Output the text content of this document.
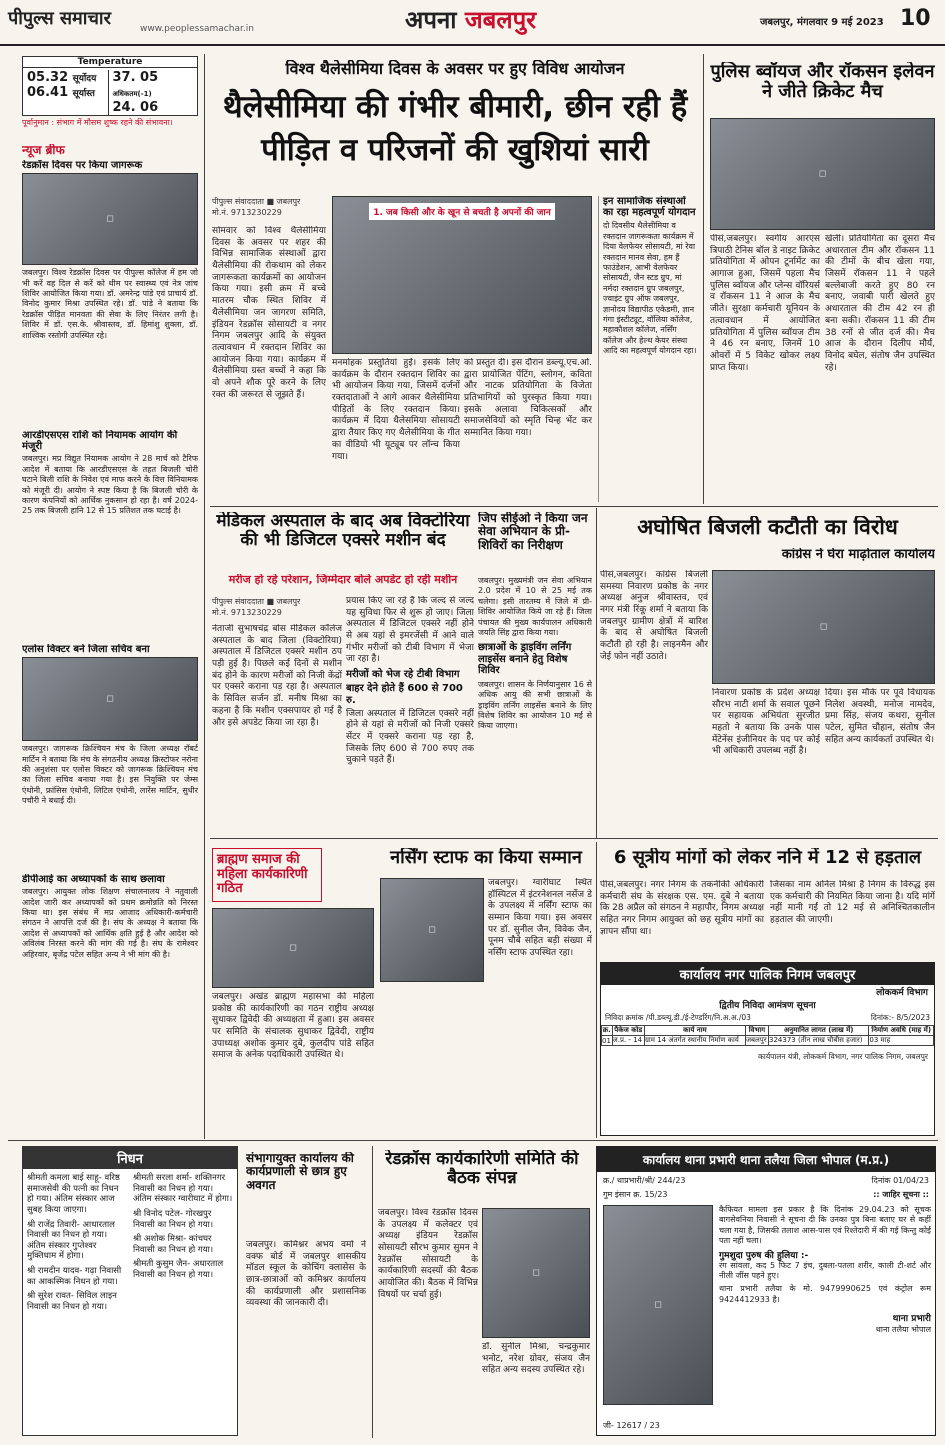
पीपुल्स समाचार	www.peoplessamachar.in	अपना जबलपुर	जबलपुर, मंगलवार 9 मई 2023 10
Temperature
05.32 सूर्योदय
06.41 सूर्यास्त
37. 05 अधिकतम(-1)
24. 06
पूर्वानुमान : संभाग में मौसम शुष्क रहने की संभावना।
न्यूज ब्रीफ
रेडक्रॉस दिवस पर किया जागरूक
◻
जबलपुर। विश्व रेडक्रॉस दिवस पर पीपुल्स कॉलेज में हम जो भी करें वह दिल से करें को थीम पर स्वास्थ्य एवं नेत्र जांच शिविर आयोजित किया गया। डॉ. अमरेन्द्र पांडे एवं प्राचार्य डॉ. विनोद कुमार मिश्रा उपस्थित रहे। डॉ. पांडे ने बताया कि रेडक्रॉस पीड़ित मानवता की सेवा के लिए निरंतर लगी है। शिविर में डॉ. एस.के. श्रीवास्तव, डॉ. हिमांशु शुक्ला, डॉ. शाश्विक रस्तोगी उपस्थित रहे।
आरडीएसएस राशि को नियामक आयोग की मंजूरी
जबलपुर। मप्र विद्युत नियामक आयोग ने 28 मार्च को टैरिफ आदेश में बताया कि आरडीएसएस के तहत बिजली चोरी घटाने बिली राशि के निवेश एवं माफ करने के वित्त विनियामक को मंजूरी दी। आयोग ने स्पष्ट किया है कि बिजली चोरी के कारण कंपनियों को आर्थिक नुकसान हो रहा है। वर्ष 2024-25 तक बिजली हानि 12 से 15 प्रतिशत तक घटाई है।
एलोस विक्टर बने जिला सचिव बना
◻
जबलपुर। जागरूक क्रिश्चियन मंच के जिला अध्यक्ष रॉबर्ट मार्टिन ने बताया कि मंच के संगठनीय अध्यक्ष क्रिस्टोफर नरोना की अनुशंसा पर एलोस विक्टर को जागरूक क्रिश्चियन मंच का जिला सचिव बनाया गया है। इस नियुक्ति पर जेम्स एंथोनी, फ्रांसिस एंथोनी, लिटिल एंथोनी, लारेंस मार्टिन, सुधीर पचौरी ने बधाई दी।
डीपीआई का अध्यापकों के साथ छलावा
जबलपुर। आयुक्त लोक शिक्षण संचालनालय ने नतुवाली आदेश जारी कर अध्यापकों को प्रथम क्रमोन्नति को निरस्त किया था। इस संबंध में मप्र आजाद अधिकारी-कर्मचारी संगठन ने आपत्ति दर्ज की है। संघ के अध्यक्ष ने बताया कि आदेश से अध्यापकों को आर्थिक क्षति हुई है और आदेश को अविलंब निरस्त करने की मांग की गई है। संघ के रामेश्वर अहिरवार, बृजेंद्र पटेल सहित अन्य ने भी मांग की है।
विश्व थैलेसीमिया दिवस के अवसर पर हुए विविध आयोजन
थैलेसीमिया की गंभीर बीमारी, छीन रही हैं पीड़ित व परिजनों की खुशियां सारी
पीपुल्स संवाददाता ■ जबलपुर
मो.नं. 9713230229
सोमवार को विश्व थैलेसीमिया दिवस के अवसर पर शहर की विभिन्न सामाजिक संस्थाओं द्वारा थैलेसीमिया की रोकथाम को लेकर जागरूकता कार्यक्रमों का आयोजन किया गया। इसी क्रम में बच्चे मातरम चौक स्थित शिविर में थैलेसीमिया जन जागरण समिति, इंडियन रेडक्रॉस सोसायटी व नगर निगम जबलपुर आदि के संयुक्त तत्वावधान में रक्तदान शिविर का आयोजन किया गया। कार्यक्रम में थैलेसीमिया ग्रस्त बच्चों ने कहा कि वो अपने शौक पूरे करने के लिए रक्त की जरूरत से जूझते हैं।
1. जब किसी और के खून से बचती है अपनों की जान
मनमोहक प्रस्तुतियां हुईं। इसके लिए कार्यक्रम के दौरान रक्तदान शिविर का भी आयोजन किया गया, जिसमें दर्जनों रक्तदाताओं ने आगे आकर थैलेसीमिया पीड़ितों के लिए रक्तदान किया। कार्यक्रम में दिया थैलेसमिया सोसायटी द्वारा तैयार किए गए थैलेसीमिया के गीत का वीडियो भी यूट्यूब पर लॉन्च किया गया।
को प्रस्तुत दी। इस दौरान डब्ल्यू.एच.ओ. द्वारा प्रायोजित पेंटिंग, स्लोगन, कविता और नाटक प्रतियोगिता के विजेता प्रतिभागियों को पुरस्कृत किया गया। इसके अलावा चिकित्सकों और समाजसेवियों को स्मृति चिन्ह भेंट कर सम्मानित किया गया।
इन सामाजिक संस्थाओं का रहा महत्वपूर्ण योगदान
दो दिवसीय थैलेसीमिया व रक्तदान जागरूकता कार्यक्रम में दिया वेलफेयर सोसायटी, मां रेवा रक्तदान मानव सेवा, हम हैं फाउंडेशन, आभी वेलफेयर सोसायटी, जैन स्टड ग्रुप, मां नर्मदा रक्तदान ग्रुप जबलपुर, ज्वाइंट ग्रुप ऑफ जबलपुर, ज्ञानोदय विद्यापीठ एकेडमी, ज्ञान गंगा इंस्टीट्यूट, वॉलिया कॉलेज, महाकौशल कॉलेज, नर्सिंग कॉलेज और हेल्थ केयर संस्था आदि का महत्वपूर्ण योगदान रहा।
पुलिस ब्वॉयज और रॉकसन इलेवन ने जीते क्रिकेट मैच
◻
पीसं,जबलपुर। स्वर्गीय आरएस त्रिपाठी टेनिस बॉल डे नाइट क्रिकेट प्रतियोगिता में ओपन टूर्नामेंट का आगाज हुआ, जिसमें पहला मैच पुलिस ब्वॉयज और प्लेन्स वॉरियर्स व रॉकसन 11 ने आज के मैच जीते। सुरक्षा कर्मचारी यूनियन के तत्वावधान में आयोजित प्रतियोगिता में पुलिस ब्वॉयज टीम ने 46 रन बनाए, जिनमें 10 ओवरों में 5 विकेट खोकर लक्ष्य प्राप्त किया।
खेली। प्रतियोगिता का दूसरा मैच अधारताल टीम और रॉकसन 11 की टीमों के बीच खेला गया, जिसमें रॉकसन 11 ने पहले बल्लेबाजी करते हुए 80 रन बनाए, जवाबी पारी खेलते हुए अधारताल की टीम 42 रन ही बना सकी। रॉकसन 11 की टीम 38 रनों से जीत दर्ज की। मैच आज के दौरान दिलीप मौर्य, विनोद बघेल, संतोष जैन उपस्थित रहे।
मेडिकल अस्पताल के बाद अब विक्टोरिया की भी डिजिटल एक्सरे मशीन बंद
मरीज हो रहे परेशान, जिम्मेदार बोले अपडेट हो रही मशीन
पीपुल्स संवाददाता ■ जबलपुर
मो.नं. 9713230229
नेताजी सुभाषचंद्र बोस मेडिकल कॉलेज अस्पताल के बाद जिला (विक्टोरिया) अस्पताल में डिजिटल एक्सरे मशीन ठप पड़ी हुई है। पिछले कई दिनों से मशीन बंद होने के कारण मरीजों को निजी केंद्रों पर एक्सरे कराना पड़ रहा है। अस्पताल के सिविल सर्जन डॉ. मनीष मिश्रा का कहना है कि मशीन एक्सपायर हो गई है और इसे अपडेट किया जा रहा है।
प्रयास किए जा रहे हैं कि जल्द से जल्द यह सुविधा फिर से शुरू हो जाए। जिला अस्पताल में डिजिटल एक्सरे नहीं होने से अब यहां से इमरजेंसी में आने वाले गंभीर मरीजों को टीबी विभाग में भेजा जा रहा है।
मरीजों को भेज रहे टीबी विभाग
बाहर देने होते हैं 600 से 700 रु.
जिला अस्पताल में डिजिटल एक्सरे नहीं होने से यहां से मरीजों को निजी एक्सरे सेंटर में एक्सरे कराना पड़ रहा है, जिसके लिए 600 से 700 रुपए तक चुकाने पड़ते हैं।
जिप सीईओ ने किया जन सेवा अभियान के प्री-शिविरों का निरीक्षण
जबलपुर। मुख्यमंत्री जन सेवा अभियान 2.0 प्रदेश में 10 से 25 मई तक चलेगा। इसी तारतम्य में जिले में प्री-शिविर आयोजित किये जा रहे हैं। जिला पंचायत की मुख्य कार्यपालन अधिकारी जयति सिंह द्वारा किया गया।
छात्राओं के ड्राइविंग लर्निंग लाइसेंस बनाने हेतु विशेष शिविर
जबलपुर। शासन के निर्णयानुसार 16 से अधिक आयु की सभी छात्राओं के ड्राइविंग लर्निंग लाइसेंस बनाने के लिए विशेष शिविर का आयोजन 10 मई से किया जाएगा।
अघोषित बिजली कटौती का विरोध
कांग्रेस ने घेरा माढ़ोताल कार्यालय
पीसं,जबलपुर। कांग्रेस बिजली समस्या निवारण प्रकोष्ठ के नगर अध्यक्ष अनुज श्रीवास्तव, एवं नगर मंत्री रिंकू शर्मा ने बताया कि जबलपुर ग्रामीण क्षेत्रों में बारिश के बाद से अघोषित बिजली कटौती हो रही है। लाइनमैन और जेई फोन नहीं उठाते।
◻
निवारण प्रकोष्ठ के प्रदेश अध्यक्ष सौरभ नाटी शर्मा के सवाल पूछने पर सहायक अभियंता सुरजीत महतो ने बताया कि उनके पास मेंटेनेंस इंजीनियर के पद पर कोई भी अधिकारी उपलब्ध नहीं है।
दिया। इस मौके पर पूर्व विधायक निलेश अवस्थी, मनोज नामदेव, प्रमा सिंह, संजय कथरा, सुनील पटेल, सुमित चौहान, संतोष जैन सहित अन्य कार्यकर्ता उपस्थित थे।
ब्राह्मण समाज की महिला कार्यकारिणी गठित
◻
जबलपुर। अखंड ब्राह्मण महासभा की महिला प्रकोष्ठ की कार्यकारिणी का गठन राष्ट्रीय अध्यक्ष सुधाकर द्विवेदी की अध्यक्षता में हुआ। इस अवसर पर समिति के संचालक सुधाकर द्विवेदी, राष्ट्रीय उपाध्यक्ष अशोक कुमार दुबे, कुलदीप पांडे सहित समाज के अनेक पदाधिकारी उपस्थित थे।
नर्सिंग स्टाफ का किया सम्मान
◻
जबलपुर। ग्वारीघाट स्थित हॉस्पिटल में इंटरनेशनल नर्सेज डे के उपलक्ष्य में नर्सिंग स्टाफ का सम्मान किया गया। इस अवसर पर डॉ. सुनील जैन, विवेक जैन, पूनम चौबे सहित बड़ी संख्या में नर्सिंग स्टाफ उपस्थित रहा।
6 सूत्रीय मांगों को लेकर ननि में 12 से हड़ताल
पीसं,जबलपुर। नगर निगम के तकनीकी अधिकारी कर्मचारी संघ के संरक्षक एस. एम. दुबे ने बताया कि 28 अप्रैल को संगठन ने महापौर, निगम अध्यक्ष सहित नगर निगम आयुक्त को छह सूत्रीय मांगों का ज्ञापन सौंपा था।
जिसका नाम अनिल मिश्रा है निगम के विरुद्ध इस एक कर्मचारी की नियमित किया जाना है। यदि मांगें नहीं मानी गईं तो 12 मई से अनिश्चितकालीन हड़ताल की जाएगी।
कार्यालय नगर पालिक निगम जबलपुर
लोककर्म विभाग
द्वितीय निविदा आमंत्रण सूचना
निविदा क्रमांक /पी.डब्ल्यू.डी./ई-टेण्डरिंग/नि.अ.अ./03	दिनांक:- 8/5/2023
क्र.	पैकेज कोड	कार्य नाम	विभाग	अनुमानित लागत (लाख में)	निर्माण अवधि (माह में)
01	ज.प्र. - 14	ग्राम 14 अंतर्गत स्थानीय निर्माण कार्य	जबलपुर	324373 (तीन लाख चौबीस हजार)	03 माह
कार्यपालन यंत्री, लोककर्म विभाग, नगर पालिक निगम, जबलपुर
निधन
श्रीमती कमला बाई साहू- वरिष्ठ समाजसेवी की पत्नी का निधन हो गया। अंतिम संस्कार आज सुबह किया जाएगा।
श्री राजेंद्र तिवारी- आधारताल निवासी का निधन हो गया। अंतिम संस्कार गुप्तेश्वर मुक्तिधाम में होगा।
श्री रामदीन यादव- गढ़ा निवासी का आकस्मिक निधन हो गया।
श्री सुरेश रावत- सिविल लाइन निवासी का निधन हो गया।
श्रीमती सरला शर्मा- शक्तिनगर निवासी का निधन हो गया। अंतिम संस्कार ग्वारीघाट में होगा।
श्री विनोद पटेल- गोरखपुर निवासी का निधन हो गया।
श्री अशोक मिश्रा- कांचघर निवासी का निधन हो गया।
श्रीमती कुसुम जैन- अधारताल निवासी का निधन हो गया।
संभागायुक्त कार्यालय की कार्यप्रणाली से छात्र हुए अवगत
जबलपुर। कमिश्नर अभय वर्मा ने वक्फ बोर्ड में जबलपुर शासकीय मॉडल स्कूल के कोचिंग क्लासेस के छात्र-छात्राओं को कमिश्नर कार्यालय की कार्यप्रणाली और प्रशासनिक व्यवस्था की जानकारी दी।
रेडक्रॉस कार्यकारिणी समिति की बैठक संपन्न
जबलपुर। विश्व रेडक्रॉस दिवस के उपलक्ष्य में कलेक्टर एवं अध्यक्ष इंडियन रेडक्रॉस सोसायटी सौरभ कुमार सुमन ने रेडक्रॉस सोसायटी के कार्यकारिणी सदस्यों की बैठक आयोजित की। बैठक में विभिन्न विषयों पर चर्चा हुई।
◻
डॉ. सुनील मिश्रा, चन्द्रकुमार भनोट, नरेश ग्रोवर, संजय जैन सहित अन्य सदस्य उपस्थित रहे।
कार्यालय थाना प्रभारी थाना तलैया जिला भोपाल (म.प्र.)
क्र./ थाप्रभारी/श्री/ 244/23	दिनांक 01/04/23
गुम इंसान क्र. 15/23	:: जाहिर सूचना ::
◻
कैफियत मामला इस प्रकार है कि दिनांक 29.04.23 को सूचक बागसेवनिया निवासी ने सूचना दी कि उनका पुत्र बिना बताए घर से कहीं चला गया है, जिसकी तलाश आस-पास एवं रिश्तेदारी में की गई किन्तु कोई पता नहीं चला।
गुमशुदा पुरुष की हुलिया :-
रंग सांवला, कद 5 फिट 7 इंच, दुबला-पतला शरीर, काली टी-शर्ट और नीली जींस पहने हुए।
थाना प्रभारी तलैया के मो. 9479990625 एवं कंट्रोल रूम 9424412933 है।
थाना प्रभारी
थाना तलैया भोपाल
जी- 12617 / 23
